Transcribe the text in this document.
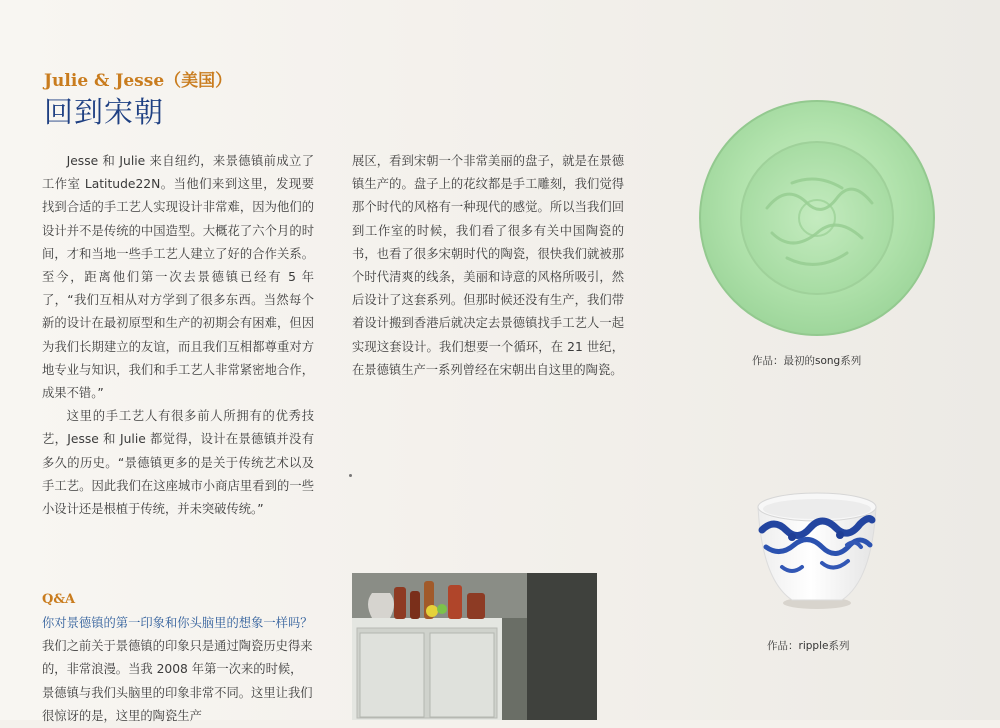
Julie & Jesse（美国）
回到宋朝

Jesse 和 Julie 来自纽约，来景德镇前成立了工作室 Latitude22N。当他们来到这里，发现要找到合适的手工艺人实现设计非常难，因为他们的设计并不是传统的中国造型。大概花了六个月的时间，才和当地一些手工艺人建立了好的合作关系。至今，距离他们第一次去景德镇已经有 5 年了，“我们互相从对方学到了很多东西。当然每个新的设计在最初原型和生产的初期会有困难，但因为我们长期建立的友谊，而且我们互相都尊重对方地专业与知识，我们和手工艺人非常紧密地合作，成果不错。”

这里的手工艺人有很多前人所拥有的优秀技艺，Jesse 和 Julie 都觉得，设计在景德镇并没有多久的历史。“景德镇更多的是关于传统艺术以及手工艺。因此我们在这座城市小商店里看到的一些小设计还是根植于传统，并未突破传统。”

展区，看到宋朝一个非常美丽的盘子，就是在景德镇生产的。盘子上的花纹都是手工雕刻，我们觉得那个时代的风格有一种现代的感觉。所以当我们回到工作室的时候，我们看了很多有关中国陶瓷的书，也看了很多宋朝时代的陶瓷，很快我们就被那个时代清爽的线条，美丽和诗意的风格所吸引，然后设计了这套系列。但那时候还没有生产，我们带着设计搬到香港后就决定去景德镇找手工艺人一起实现这套设计。我们想要一个循环，在 21 世纪，在景德镇生产一系列曾经在宋朝出自这里的陶瓷。

Q&A
你对景德镇的第一印象和你头脑里的想象一样吗？我们之前关于景德镇的印象只是通过陶瓷历史得来的，非常浪漫。当我 2008 年第一次来的时候，景德镇与我们头脑里的印象非常不同。这里让我们很惊讶的是，这里的陶瓷生产
作品：最初的song系列
作品：ripple系列
